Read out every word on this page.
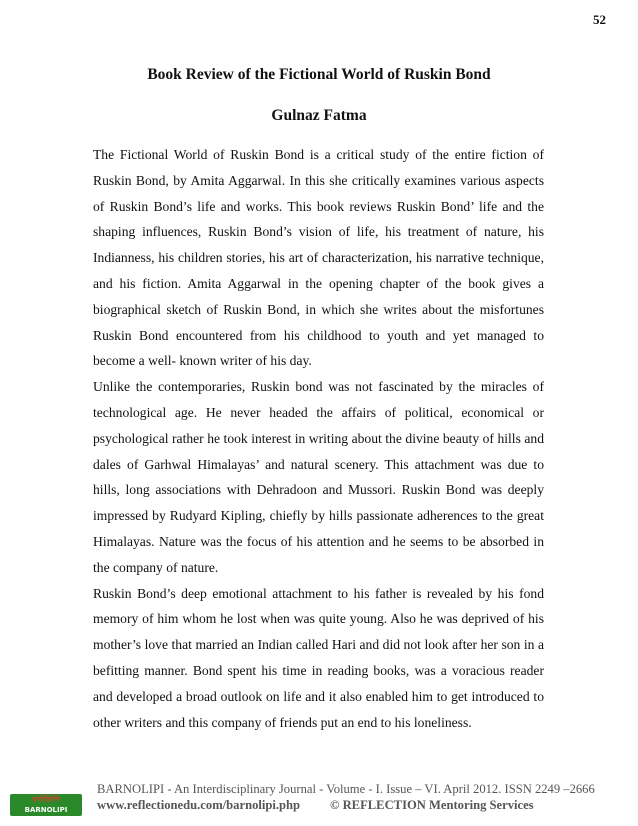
52
Book Review of the Fictional World of Ruskin Bond
Gulnaz Fatma

The Fictional World of Ruskin Bond is a critical study of the entire fiction of Ruskin Bond, by Amita Aggarwal. In this she critically examines various aspects of Ruskin Bond’s life and works. This book reviews Ruskin Bond’ life and the shaping influences, Ruskin Bond’s vision of life, his treatment of nature, his Indianness, his children stories, his art of characterization, his narrative technique, and his fiction. Amita Aggarwal in the opening chapter of the book gives a biographical sketch of Ruskin Bond, in which she writes about the misfortunes Ruskin Bond encountered from his childhood to youth and yet managed to become a well- known writer of his day.

Unlike the contemporaries, Ruskin bond was not fascinated by the miracles of technological age. He never headed the affairs of political, economical or psychological rather he took interest in writing about the divine beauty of hills and dales of Garhwal Himalayas’ and natural scenery. This attachment was due to hills, long associations with Dehradoon and Mussori. Ruskin Bond was deeply impressed by Rudyard Kipling, chiefly by hills passionate adherences to the great Himalayas. Nature was the focus of his attention and he seems to be absorbed in the company of nature.

Ruskin Bond’s deep emotional attachment to his father is revealed by his fond memory of him whom he lost when was quite young. Also he was deprived of his mother’s love that married an Indian called Hari and did not look after her son in a befitting manner. Bond spent his time in reading books, was a voracious reader and developed a broad outlook on life and it also enabled him to get introduced to other writers and this company of friends put an end to his loneliness.

বর্ণালিপি
BARNOLIPI
BARNOLIPI - An Interdisciplinary Journal - Volume - I. Issue – VI. April 2012. ISSN 2249 –2666
www.reflectionedu.com/barnolipi.php © REFLECTION Mentoring Services
